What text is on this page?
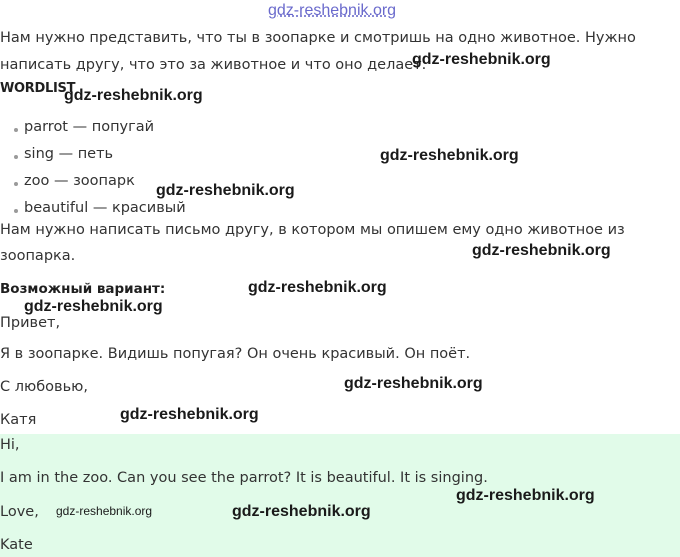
gdz-reshebnik.org
Нам нужно представить, что ты в зоопарке и смотришь на одно животное. Нужно
написать другу, что это за животное и что оно делает.
WORDLIST
parrot — попугай
sing — петь
zoo — зоопарк
beautiful — красивый
Нам нужно написать письмо другу, в котором мы опишем ему одно животное из
зоопарка.
Возможный вариант:
Привет,
Я в зоопарке. Видишь попугая? Он очень красивый. Он поёт.
С любовью,
Катя
Hi,
I am in the zoo. Can you see the parrot? It is beautiful. It is singing.
Love,
Kate
gdz-reshebnik.org
gdz-reshebnik.org
gdz-reshebnik.org
gdz-reshebnik.org
gdz-reshebnik.org
gdz-reshebnik.org
gdz-reshebnik.org
gdz-reshebnik.org
gdz-reshebnik.org
gdz-reshebnik.org
gdz-reshebnik.org	gdz-reshebnik.org
